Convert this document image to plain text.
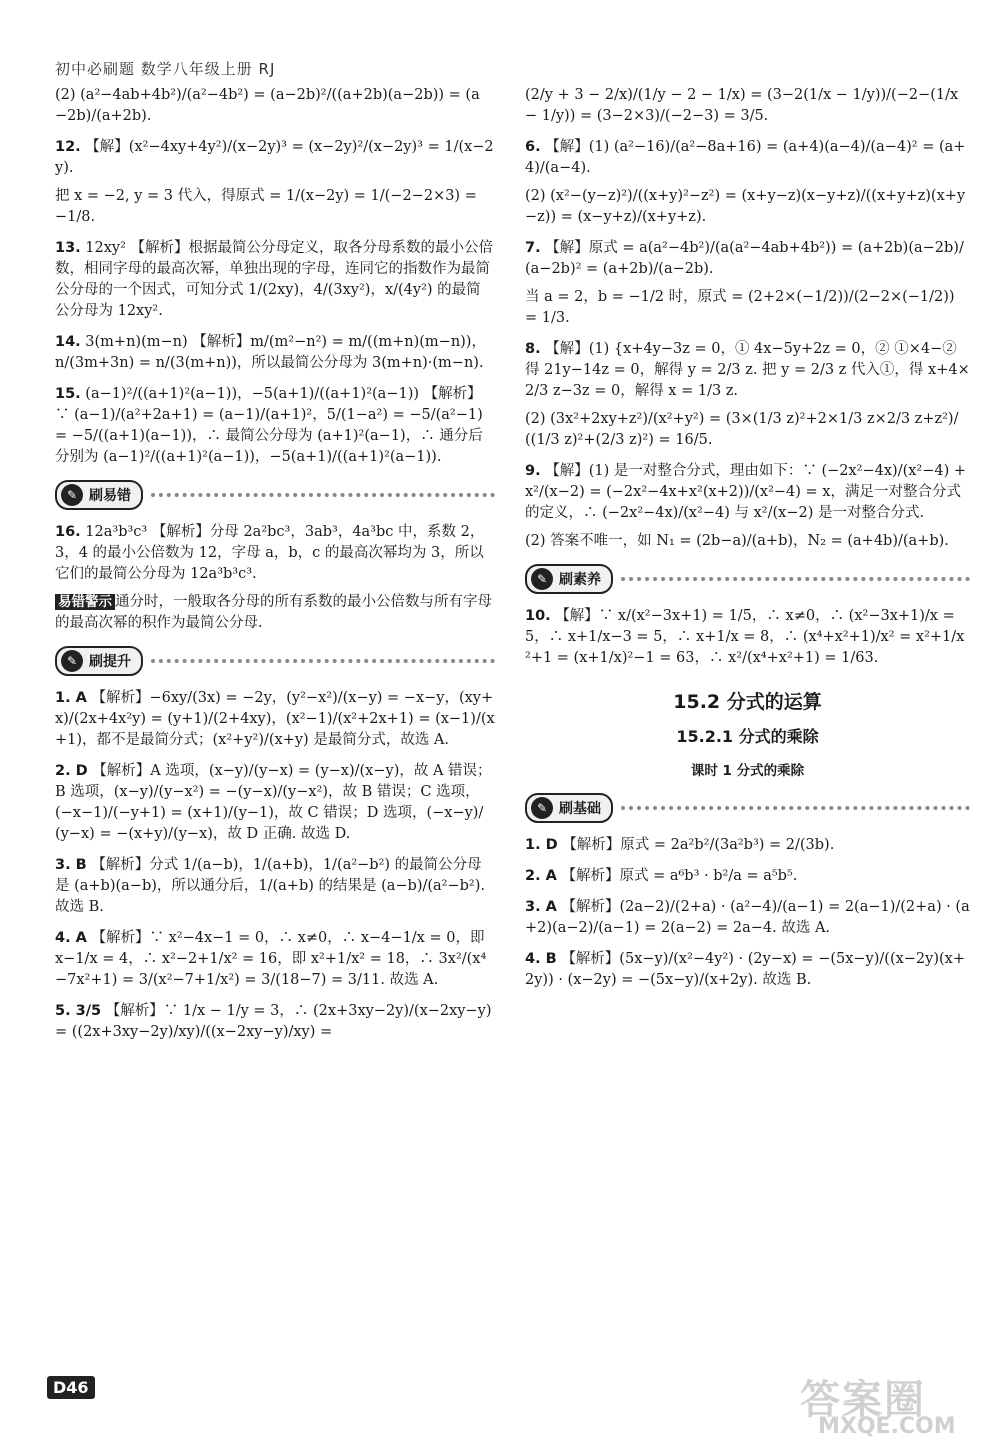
初中必刷题 数学八年级上册 RJ

(2) (a²−4ab+4b²)/(a²−4b²) = (a−2b)²/((a+2b)(a−2b)) = (a−2b)/(a+2b).

12. 【解】(x²−4xy+4y²)/(x−2y)³ = (x−2y)²/(x−2y)³ = 1/(x−2y).

把 x = −2, y = 3 代入，得原式 = 1/(x−2y) = 1/(−2−2×3) = −1/8.

13. 12xy² 【解析】根据最简公分母定义，取各分母系数的最小公倍数，相同字母的最高次幂，单独出现的字母，连同它的指数作为最简公分母的一个因式，可知分式 1/(2xy)，4/(3xy²)，x/(4y²) 的最简公分母为 12xy².

14. 3(m+n)(m−n) 【解析】m/(m²−n²) = m/((m+n)(m−n))，n/(3m+3n) = n/(3(m+n))，所以最简公分母为 3(m+n)·(m−n).

15. (a−1)²/((a+1)²(a−1))，−5(a+1)/((a+1)²(a−1)) 【解析】∵ (a−1)/(a²+2a+1) = (a−1)/(a+1)²，5/(1−a²) = −5/(a²−1) = −5/((a+1)(a−1))，∴ 最简公分母为 (a+1)²(a−1)，∴ 通分后分别为 (a−1)²/((a+1)²(a−1))，−5(a+1)/((a+1)²(a−1)).

✎ 刷易错

16. 12a³b³c³ 【解析】分母 2a²bc³，3ab³，4a³bc 中，系数 2，3，4 的最小公倍数为 12，字母 a，b，c 的最高次幂均为 3，所以它们的最简公分母为 12a³b³c³.

易错警示 通分时，一般取各分母的所有系数的最小公倍数与所有字母的最高次幂的积作为最简公分母.

✎ 刷提升

1. A 【解析】−6xy/(3x) = −2y，(y²−x²)/(x−y) = −x−y，(xy+x)/(2x+4x²y) = (y+1)/(2+4xy)，(x²−1)/(x²+2x+1) = (x−1)/(x+1)，都不是最简分式；(x²+y²)/(x+y) 是最简分式，故选 A.

2. D 【解析】A 选项，(x−y)/(y−x) = (y−x)/(x−y)，故 A 错误；B 选项，(x−y)/(y−x²) = −(y−x)/(y−x²)，故 B 错误；C 选项，(−x−1)/(−y+1) = (x+1)/(y−1)，故 C 错误；D 选项，(−x−y)/(y−x) = −(x+y)/(y−x)，故 D 正确. 故选 D.

3. B 【解析】分式 1/(a−b)，1/(a+b)，1/(a²−b²) 的最简公分母是 (a+b)(a−b)，所以通分后，1/(a+b) 的结果是 (a−b)/(a²−b²). 故选 B.

4. A 【解析】∵ x²−4x−1 = 0，∴ x≠0，∴ x−4−1/x = 0，即 x−1/x = 4，∴ x²−2+1/x² = 16，即 x²+1/x² = 18，∴ 3x²/(x⁴−7x²+1) = 3/(x²−7+1/x²) = 3/(18−7) = 3/11. 故选 A.

5. 3/5 【解析】∵ 1/x − 1/y = 3，∴ (2x+3xy−2y)/(x−2xy−y) = ((2x+3xy−2y)/xy)/((x−2xy−y)/xy) =

(2/y + 3 − 2/x)/(1/y − 2 − 1/x) = (3−2(1/x − 1/y))/(−2−(1/x − 1/y)) = (3−2×3)/(−2−3) = 3/5.

6. 【解】(1) (a²−16)/(a²−8a+16) = (a+4)(a−4)/(a−4)² = (a+4)/(a−4).

(2) (x²−(y−z)²)/((x+y)²−z²) = (x+y−z)(x−y+z)/((x+y+z)(x+y−z)) = (x−y+z)/(x+y+z).

7. 【解】原式 = a(a²−4b²)/(a(a²−4ab+4b²)) = (a+2b)(a−2b)/(a−2b)² = (a+2b)/(a−2b).

当 a = 2，b = −1/2 时，原式 = (2+2×(−1/2))/(2−2×(−1/2)) = 1/3.

8. 【解】(1) {x+4y−3z = 0，① 4x−5y+2z = 0，② ①×4−②得 21y−14z = 0，解得 y = 2/3 z. 把 y = 2/3 z 代入①，得 x+4×2/3 z−3z = 0，解得 x = 1/3 z.

(2) (3x²+2xy+z²)/(x²+y²) = (3×(1/3 z)²+2×1/3 z×2/3 z+z²)/((1/3 z)²+(2/3 z)²) = 16/5.

9. 【解】(1) 是一对整合分式，理由如下：∵ (−2x²−4x)/(x²−4) + x²/(x−2) = (−2x²−4x+x²(x+2))/(x²−4) = x，满足一对整合分式的定义，∴ (−2x²−4x)/(x²−4) 与 x²/(x−2) 是一对整合分式.

(2) 答案不唯一，如 N₁ = (2b−a)/(a+b)，N₂ = (a+4b)/(a+b).

✎ 刷素养

10. 【解】∵ x/(x²−3x+1) = 1/5，∴ x≠0，∴ (x²−3x+1)/x = 5，∴ x+1/x−3 = 5，∴ x+1/x = 8，∴ (x⁴+x²+1)/x² = x²+1/x²+1 = (x+1/x)²−1 = 63，∴ x²/(x⁴+x²+1) = 1/63.

15.2 分式的运算
15.2.1 分式的乘除
课时 1 分式的乘除
✎ 刷基础

1. D 【解析】原式 = 2a²b²/(3a²b³) = 2/(3b).

2. A 【解析】原式 = a⁶b³ · b²/a = a⁵b⁵.

3. A 【解析】(2a−2)/(2+a) · (a²−4)/(a−1) = 2(a−1)/(2+a) · (a+2)(a−2)/(a−1) = 2(a−2) = 2a−4. 故选 A.

4. B 【解析】(5x−y)/(x²−4y²) · (2y−x) = −(5x−y)/((x−2y)(x+2y)) · (x−2y) = −(5x−y)/(x+2y). 故选 B.

D46	答案圈
MXQE.COM
